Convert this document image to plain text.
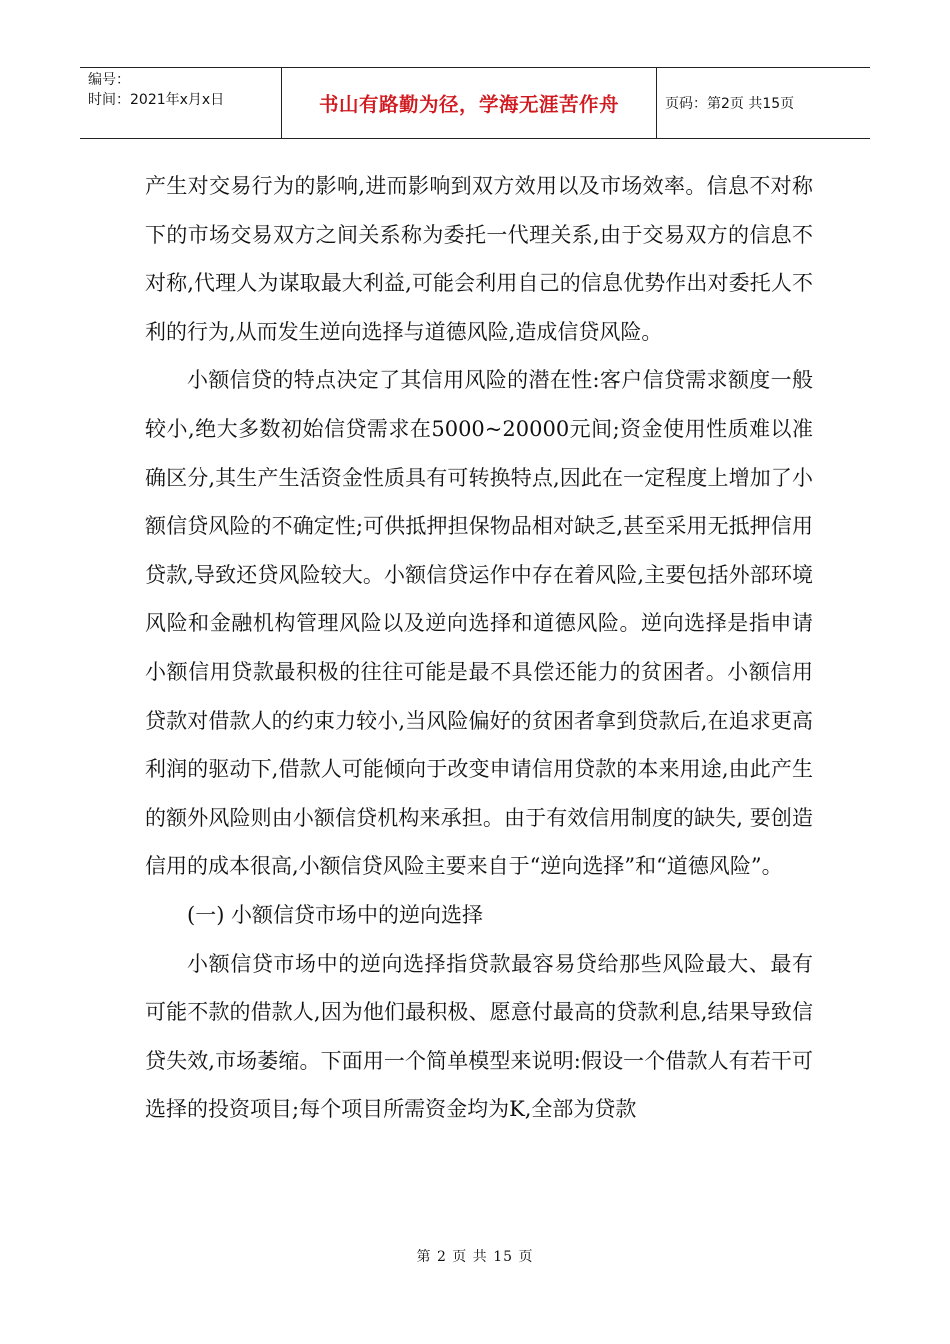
编号：
时间：2021年x月x日	书山有路勤为径，学海无涯苦作舟	页码：第2页 共15页

产生对交易行为的影响,进而影响到双方效用以及市场效率。信息不对称下的市场交易双方之间关系称为委托一代理关系,由于交易双方的信息不对称,代理人为谋取最大利益,可能会利用自己的信息优势作出对委托人不利的行为,从而发生逆向选择与道德风险,造成信贷风险。

小额信贷的特点决定了其信用风险的潜在性:客户信贷需求额度一般较小,绝大多数初始信贷需求在5000~20000元间;资金使用性质难以准确区分,其生产生活资金性质具有可转换特点,因此在一定程度上增加了小额信贷风险的不确定性;可供抵押担保物品相对缺乏,甚至采用无抵押信用贷款,导致还贷风险较大。小额信贷运作中存在着风险,主要包括外部环境风险和金融机构管理风险以及逆向选择和道德风险。逆向选择是指申请小额信用贷款最积极的往往可能是最不具偿还能力的贫困者。小额信用贷款对借款人的约束力较小,当风险偏好的贫困者拿到贷款后,在追求更高利润的驱动下,借款人可能倾向于改变申请信用贷款的本来用途,由此产生的额外风险则由小额信贷机构来承担。由于有效信用制度的缺失, 要创造信用的成本很高,小额信贷风险主要来自于“逆向选择”和“道德风险”。

(一) 小额信贷市场中的逆向选择

小额信贷市场中的逆向选择指贷款最容易贷给那些风险最大、最有可能不款的借款人,因为他们最积极、愿意付最高的贷款利息,结果导致信贷失效,市场萎缩。下面用一个简单模型来说明:假设一个借款人有若干可选择的投资项目;每个项目所需资金均为K,全部为贷款

第 2 页 共 15 页
